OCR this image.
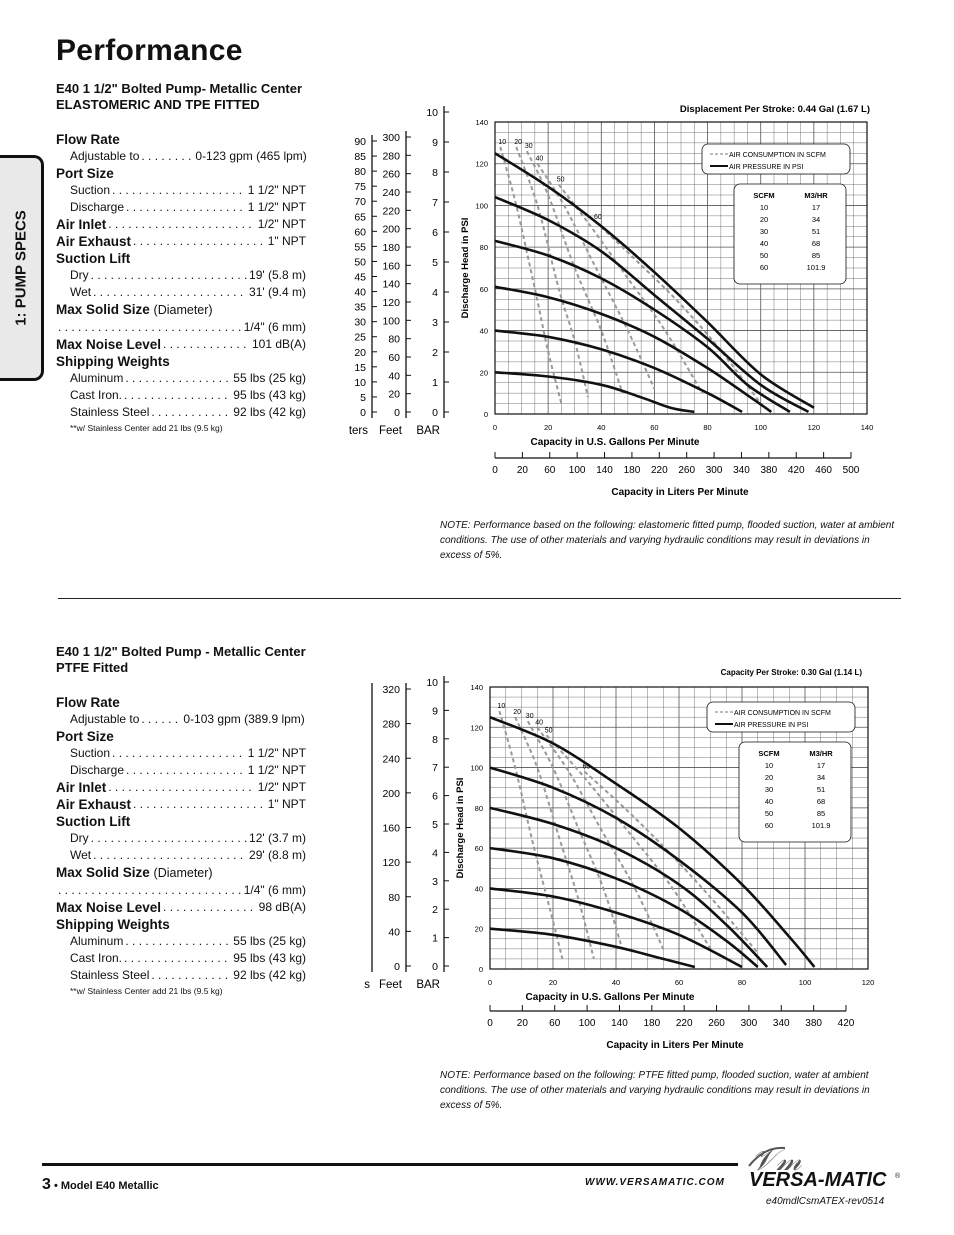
Performance
1: PUMP SPECS
E40 1 1/2" Bolted Pump- Metallic Center
ELASTOMERIC AND TPE FITTED
Flow Rate
Adjustable to . . .	0-123 gpm (465 lpm)
Port Size
Suction . . .	1 1/2" NPT
Discharge . . .	1 1/2" NPT
Air Inlet . . .	1/2" NPT
Air Exhaust . . .	1" NPT
Suction Lift
Dry . . .	19' (5.8 m)
Wet . . .	31' (9.4 m)
Max Solid Size (Diameter)
. . .
1/4" (6 mm)
Max Noise Level . . .	101 dB(A)
Shipping Weights
Aluminum . . .	55 lbs (25 kg)
Cast Iron. . . .	95 lbs (43 kg)
Stainless Steel . . .	92 lbs (42 kg)
**w/ Stainless Center add 21 lbs (9.5 kg)
E40 1 1/2" Bolted Pump - Metallic Center
PTFE Fitted
Flow Rate
Adjustable to . . .	0-103 gpm (389.9 lpm)
Port Size
Suction . . .	1 1/2" NPT
Discharge . . .	1 1/2" NPT
Air Inlet . . .	1/2" NPT
Air Exhaust . . .	1" NPT
Suction Lift
Dry . . .	12' (3.7 m)
Wet . . .	29' (8.8 m)
Max Solid Size (Diameter)
. . .
1/4" (6 mm)
Max Noise Level . . .	98 dB(A)
Shipping Weights
Aluminum . . .	55 lbs (25 kg)
Cast Iron. . . .	95 lbs (43 kg)
Stainless Steel . . .	92 lbs (42 kg)
**w/ Stainless Center add 21 lbs (9.5 kg)
Displacement Per Stroke: 0.44 Gal (1.67 L)
0	20	40	60	80	100	120	140
0
20
40
60
80
100
120
140
Capacity in U.S. Gallons Per Minute
Discharge Head in PSI
10 20
30
40
50
60
AIR CONSUMPTION IN SCFM
AIR PRESSURE IN PSI
SCFM	M3/HR
10	17
20	34
30	51
40	68
50	85
60	101.9
0 20 60 100 140 180 220 260 300 340 380 420 460 500
Capacity in Liters Per Minute
10
9
8
7
6
5
4
3
2
1
0
BAR
300
280
260
240
220
200
180
160
140
120
100
80
60
40
20
0
Feet
90
85
80
75
70
65
60
55
50
45
40
35
30
25
20
15
10
5
0
ters
NOTE: Performance based on the following: elastomeric fitted pump, flooded suction, water at ambient conditions. The use of other materials and varying hydraulic conditions may result in deviations in excess of 5%.
Capacity Per Stroke: 0.30 Gal (1.14 L)
0	20	40	60	80	100	120
0
20
40
60
80
100
120
140
Capacity in U.S. Gallons Per Minute
Discharge Head in PSI
10
20
30
40
50
60
AIR CONSUMPTION IN SCFM
AIR PRESSURE IN PSI
SCFM	M3/HR
10	17
20	34
30	51
40	68
50	85
60	101.9
0 20 60 100 140 180 220 260 300 340 380 420
Capacity in Liters Per Minute
10
9
8
7
6
5
4
3
2
1
0
BAR
320
280
240
200
160
120
80
40
0
Feet
s
NOTE: Performance based on the following: PTFE fitted pump, flooded suction, water at ambient conditions. The use of other materials and varying hydraulic conditions may result in deviations in excess of 5%.
3 • Model E40 Metallic	WWW.VERSAMATIC.COM
𝒱𝓂
VERSA-MATIC ®
e40mdlCsmATEX-rev0514
